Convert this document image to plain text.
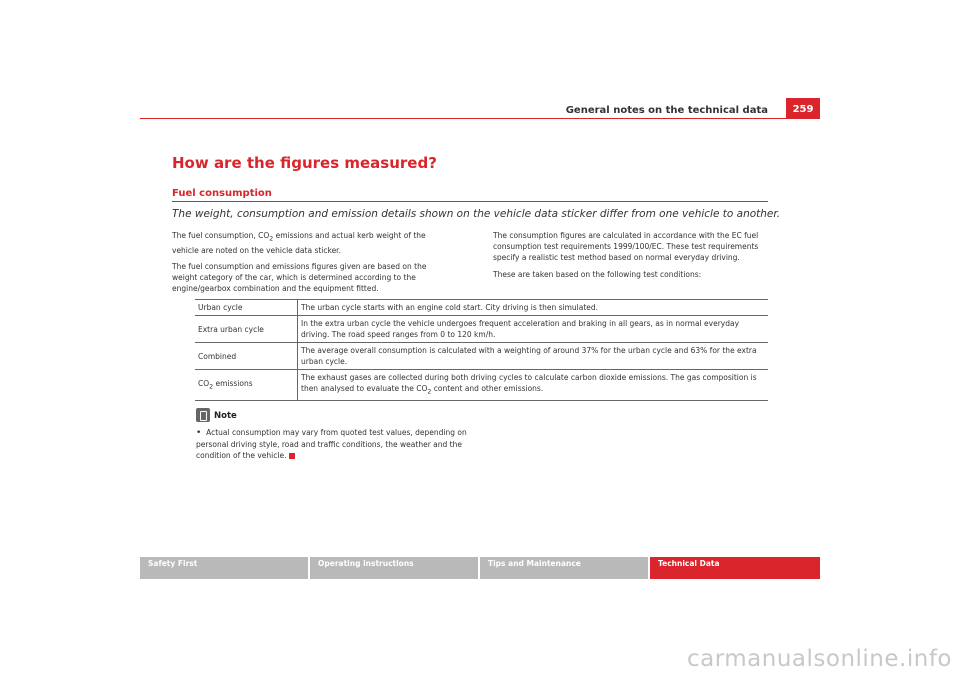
General notes on the technical data	259
How are the figures measured?
Fuel consumption

The weight, consumption and emission details shown on the vehicle data sticker differ from one vehicle to another.

The fuel consumption, $CO_2$ emissions and actual kerb weight of the vehicle are noted on the vehicle data sticker.

The fuel consumption and emissions figures given are based on the weight category of the car, which is determined according to the engine/gearbox combination and the equipment fitted.

The consumption figures are calculated in accordance with the EC fuel consumption test requirements 1999/100/EC. These test requirements specify a realistic test method based on normal everyday driving.

These are taken based on the following test conditions:

Urban cycle	The urban cycle starts with an engine cold start. City driving is then simulated.
Extra urban cycle	In the extra urban cycle the vehicle undergoes frequent acceleration and braking in all gears, as in normal everyday driving. The road speed ranges from 0 to 120 km/h.
Combined	The average overall consumption is calculated with a weighting of around 37% for the urban cycle and 63% for the extra urban cycle.
$CO_2$ emissions	The exhaust gases are collected during both driving cycles to calculate carbon dioxide emissions. The gas composition is then analysed to evaluate the $CO_2$ content and other emissions.
Note

• Actual consumption may vary from quoted test values, depending on personal driving style, road and traffic conditions, the weather and the condition of the vehicle.

Safety First	Operating instructions	Tips and Maintenance	Technical Data
carmanualsonline.info
